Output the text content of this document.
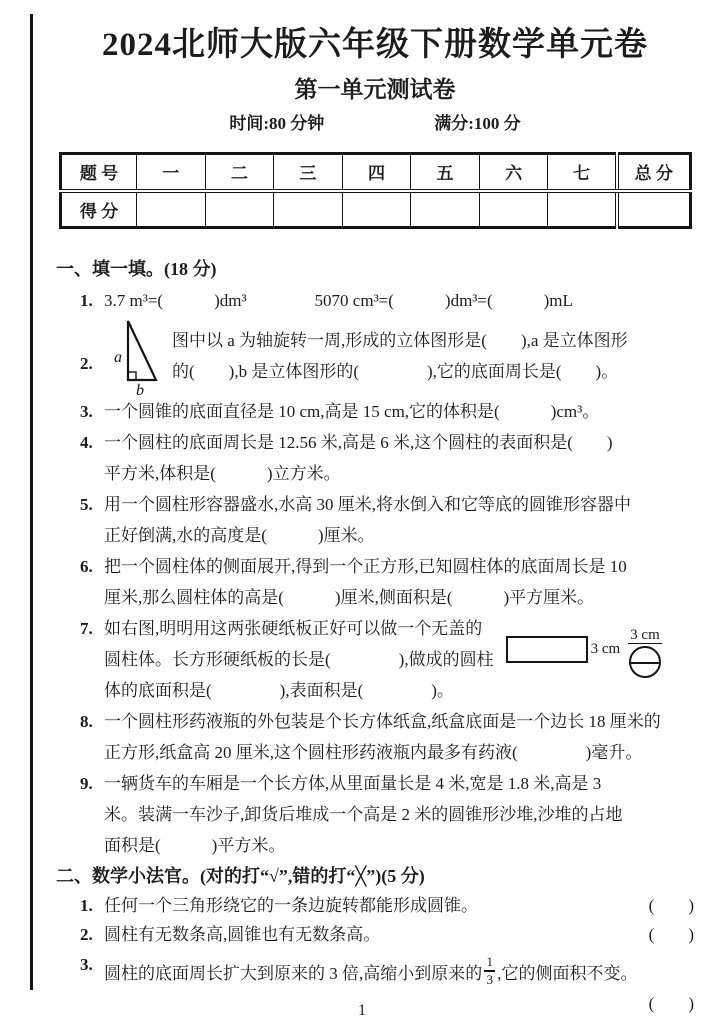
2024北师大版六年级下册数学单元卷
第一单元测试卷
时间:80 分钟	满分:100 分
题 号	一	二	三	四	五	六	七	总 分
得 分								
一、填一填。(18 分)
1. 3.7 m³=(　　　)dm³　　　　5070 cm³=(　　　)dm³=(　　　)mL
2. a
b
图中以 a 为轴旋转一周,形成的立体图形是(　　),a 是立体图形
的(　　),b 是立体图形的(　　　　),它的底面周长是(　　)。
3. 一个圆锥的底面直径是 10 cm,高是 15 cm,它的体积是(　　　)cm³。
4. 一个圆柱的底面周长是 12.56 米,高是 6 米,这个圆柱的表面积是(　　)
平方米,体积是(　　　)立方米。
5. 用一个圆柱形容器盛水,水高 30 厘米,将水倒入和它等底的圆锥形容器中
正好倒满,水的高度是(　　　)厘米。
6. 把一个圆柱体的侧面展开,得到一个正方形,已知圆柱体的底面周长是 10
厘米,那么圆柱体的高是(　　　)厘米,侧面积是(　　　)平方厘米。
7. 如右图,明明用这两张硬纸板正好可以做一个无盖的
圆柱体。长方形硬纸板的长是(　　　　),做成的圆柱
体的底面积是(　　　　),表面积是(　　　　)。
3 cm
3 cm
8. 一个圆柱形药液瓶的外包装是个长方体纸盒,纸盒底面是一个边长 18 厘米的
正方形,纸盒高 20 厘米,这个圆柱形药液瓶内最多有药液(　　　　)毫升。
9. 一辆货车的车厢是一个长方体,从里面量长是 4 米,宽是 1.8 米,高是 3
米。装满一车沙子,卸货后堆成一个高是 2 米的圆锥形沙堆,沙堆的占地
面积是(　　　)平方米。
二、数学小法官。(对的打“√”,错的打“╳”)(5 分)
1. 任何一个三角形绕它的一条边旋转都能形成圆锥。	(　　)
2. 圆柱有无数条高,圆锥也有无数条高。	(　　)
3. 圆柱的底面周长扩大到原来的 3 倍,高缩小到原来的 $\frac{1}{3}$ ,它的侧面积不变。
(　　)
1
